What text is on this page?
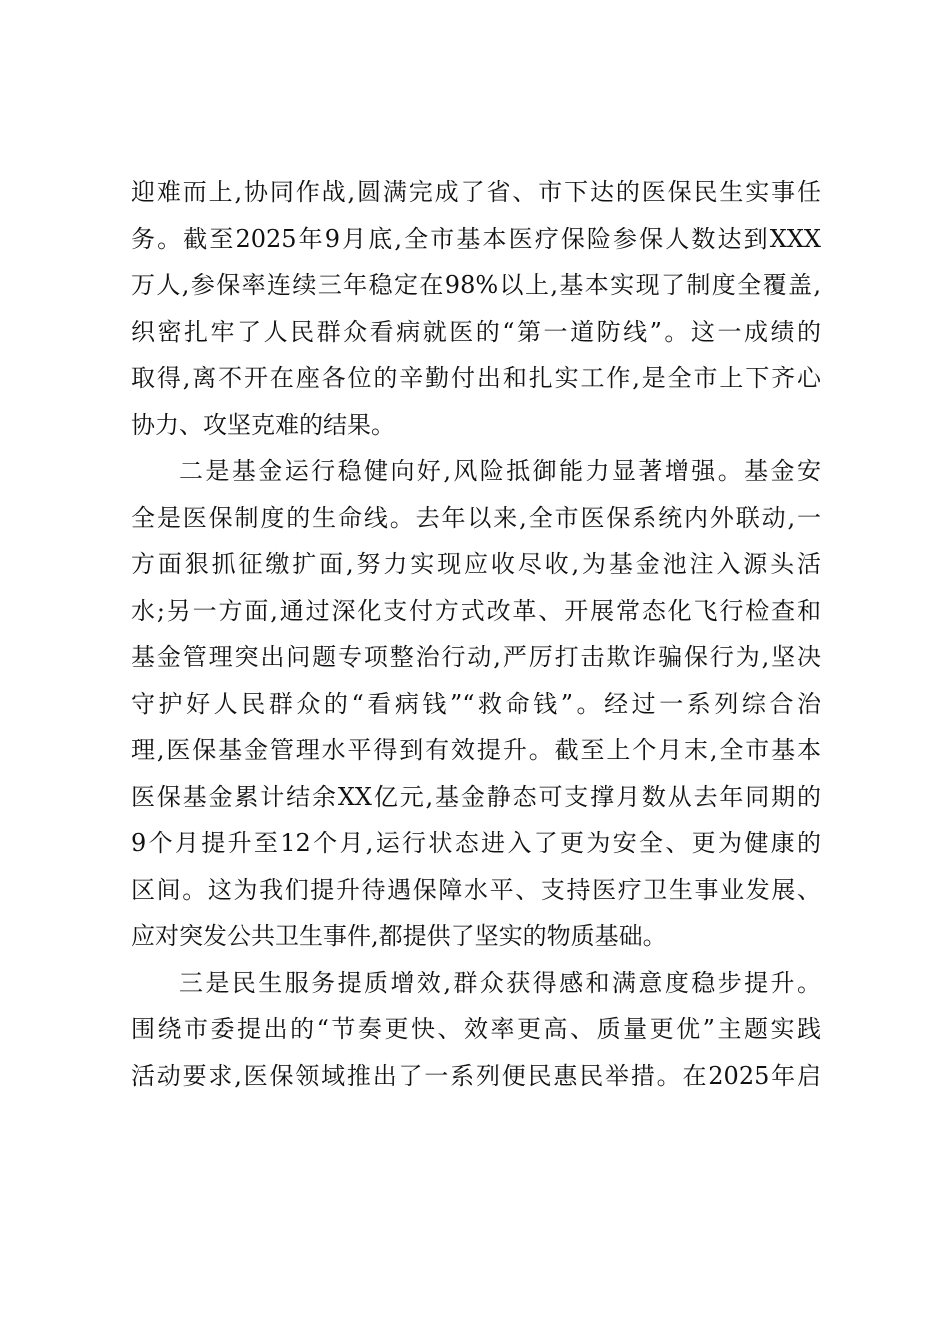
迎难而上,协同作战,圆满完成了省、市下达的医保民生实事任
务。截至2025年9月底,全市基本医疗保险参保人数达到XXX
万人,参保率连续三年稳定在98%以上,基本实现了制度全覆盖,
织密扎牢了人民群众看病就医的“第一道防线”。这一成绩的
取得,离不开在座各位的辛勤付出和扎实工作,是全市上下齐心
协力、攻坚克难的结果。
二是基金运行稳健向好,风险抵御能力显著增强。基金安
全是医保制度的生命线。去年以来,全市医保系统内外联动,一
方面狠抓征缴扩面,努力实现应收尽收,为基金池注入源头活
水;另一方面,通过深化支付方式改革、开展常态化飞行检查和
基金管理突出问题专项整治行动,严厉打击欺诈骗保行为,坚决
守护好人民群众的“看病钱”“救命钱”。经过一系列综合治
理,医保基金管理水平得到有效提升。截至上个月末,全市基本
医保基金累计结余XX亿元,基金静态可支撑月数从去年同期的
9个月提升至12个月,运行状态进入了更为安全、更为健康的
区间。这为我们提升待遇保障水平、支持医疗卫生事业发展、
应对突发公共卫生事件,都提供了坚实的物质基础。
三是民生服务提质增效,群众获得感和满意度稳步提升。
围绕市委提出的“节奏更快、效率更高、质量更优”主题实践
活动要求,医保领域推出了一系列便民惠民举措。在2025年启
